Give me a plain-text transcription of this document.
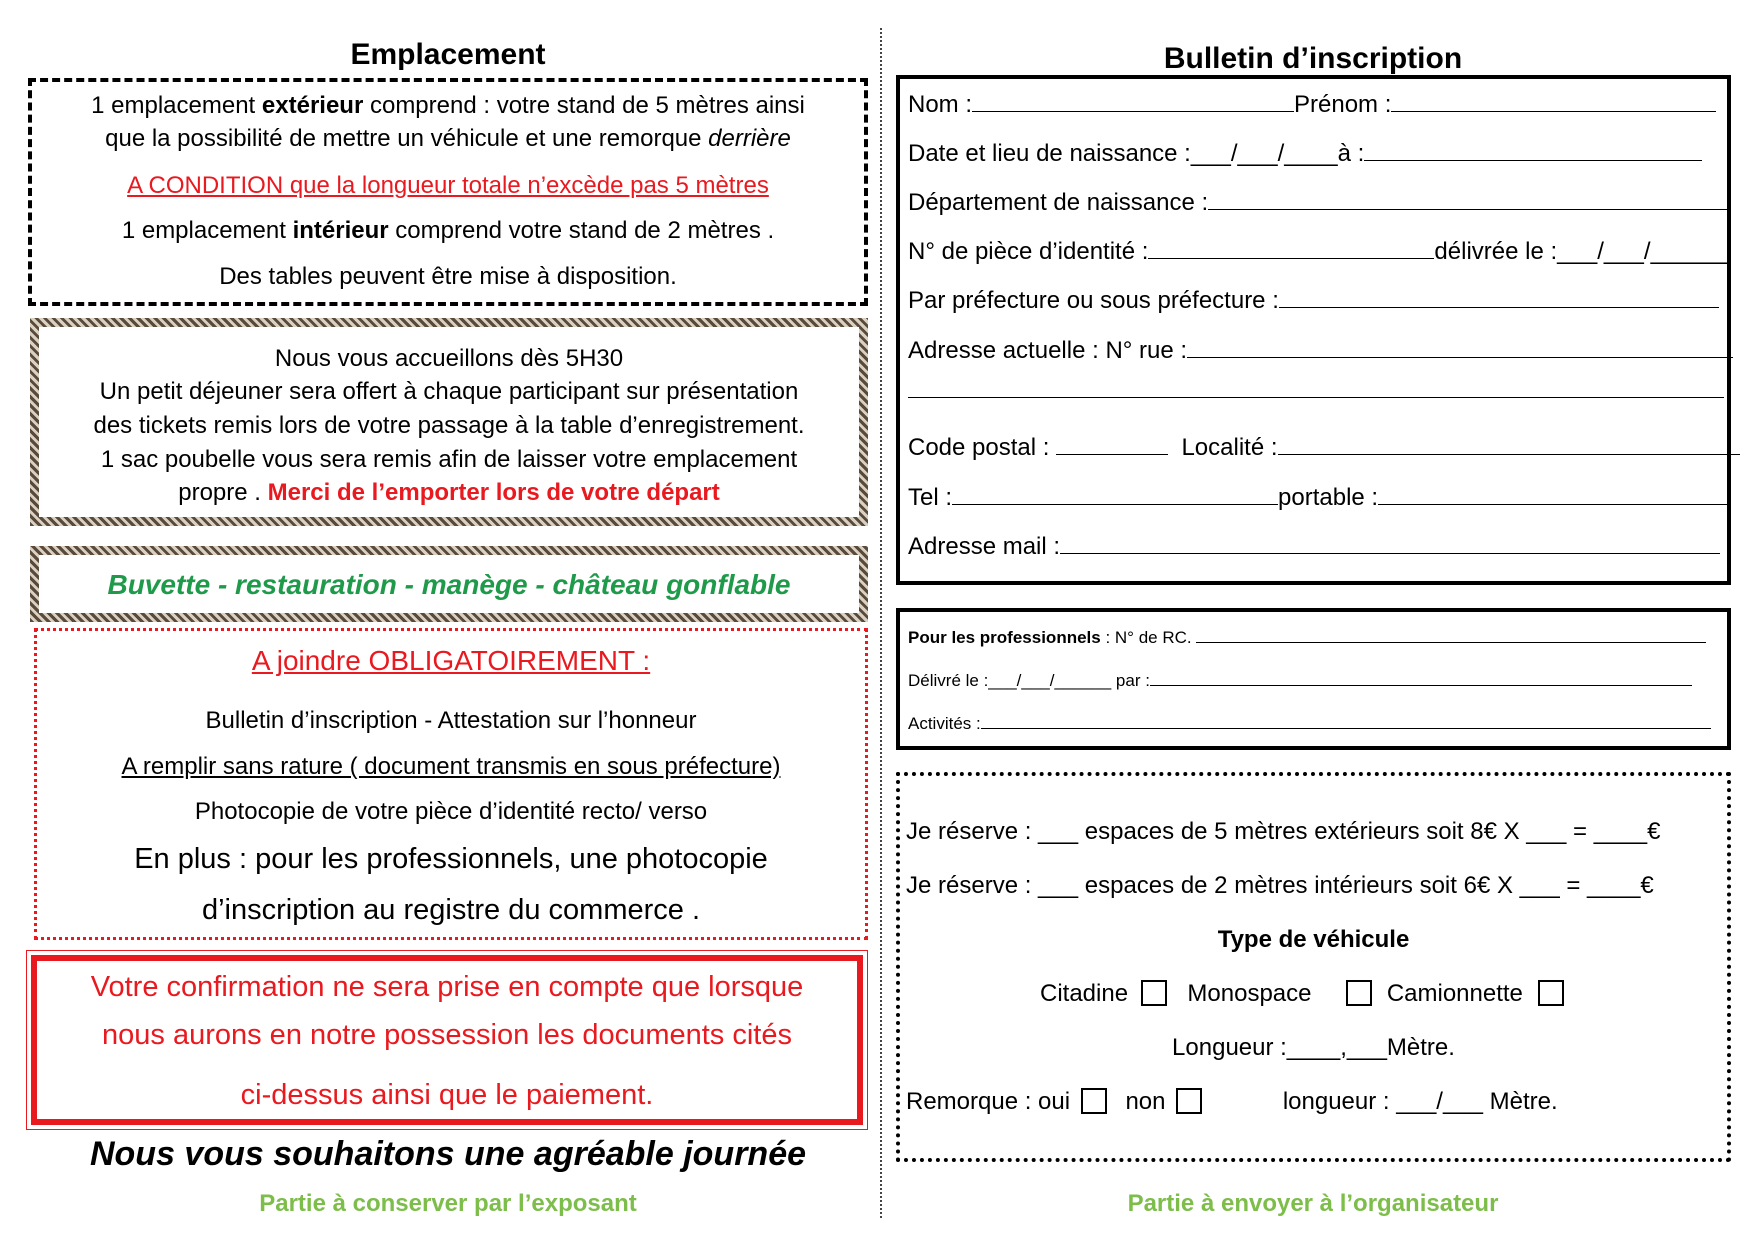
Emplacement
1 emplacement extérieur comprend : votre stand de 5 mètres ainsi
que la possibilité de mettre un véhicule et une remorque derrière
A CONDITION que la longueur totale n’excède pas 5 mètres
1 emplacement intérieur comprend votre stand de 2 mètres .
Des tables peuvent être mise à disposition.
Nous vous accueillons dès 5H30
Un petit déjeuner sera offert à chaque participant sur présentation
des tickets remis lors de votre passage à la table d’enregistrement.
1 sac poubelle vous sera remis afin de laisser votre emplacement
propre . Merci de l’emporter lors de votre départ
Buvette - restauration - manège - château gonflable
A joindre OBLIGATOIREMENT :
Bulletin d’inscription - Attestation sur l’honneur
A remplir sans rature ( document transmis en sous préfecture)
Photocopie de votre pièce d’identité recto/ verso
En plus : pour les professionnels, une photocopie
d’inscription au registre du commerce .
Votre confirmation ne sera prise en compte que lorsque
nous aurons en notre possession les documents cités
ci-dessus ainsi que le paiement.
Nous vous souhaitons une agréable journée
Partie à conserver par l’exposant
Bulletin d’inscription
Nom :	Prénom :
Date et lieu de naissance :___/___/____à :
Département de naissance :
N° de pièce d’identité :	délivrée le :___/___/______
Par préfecture ou sous préfecture :
Adresse actuelle : N° rue :
Code postal :	Localité :
Tel :	portable :
Adresse mail :
Pour les professionnels : N° de RC.
Délivré le :___/___/______ par :
Activités :
Je réserve : ___ espaces de 5 mètres extérieurs soit 8€ X ___ = ____€
Je réserve : ___ espaces de 2 mètres intérieurs soit 6€ X ___ = ____€
Type de véhicule
Citadine Monospace	Camionnette
Longueur :____,___Mètre.
Remorque : oui non	longueur : ___/___ Mètre.
Partie à envoyer à l’organisateur
